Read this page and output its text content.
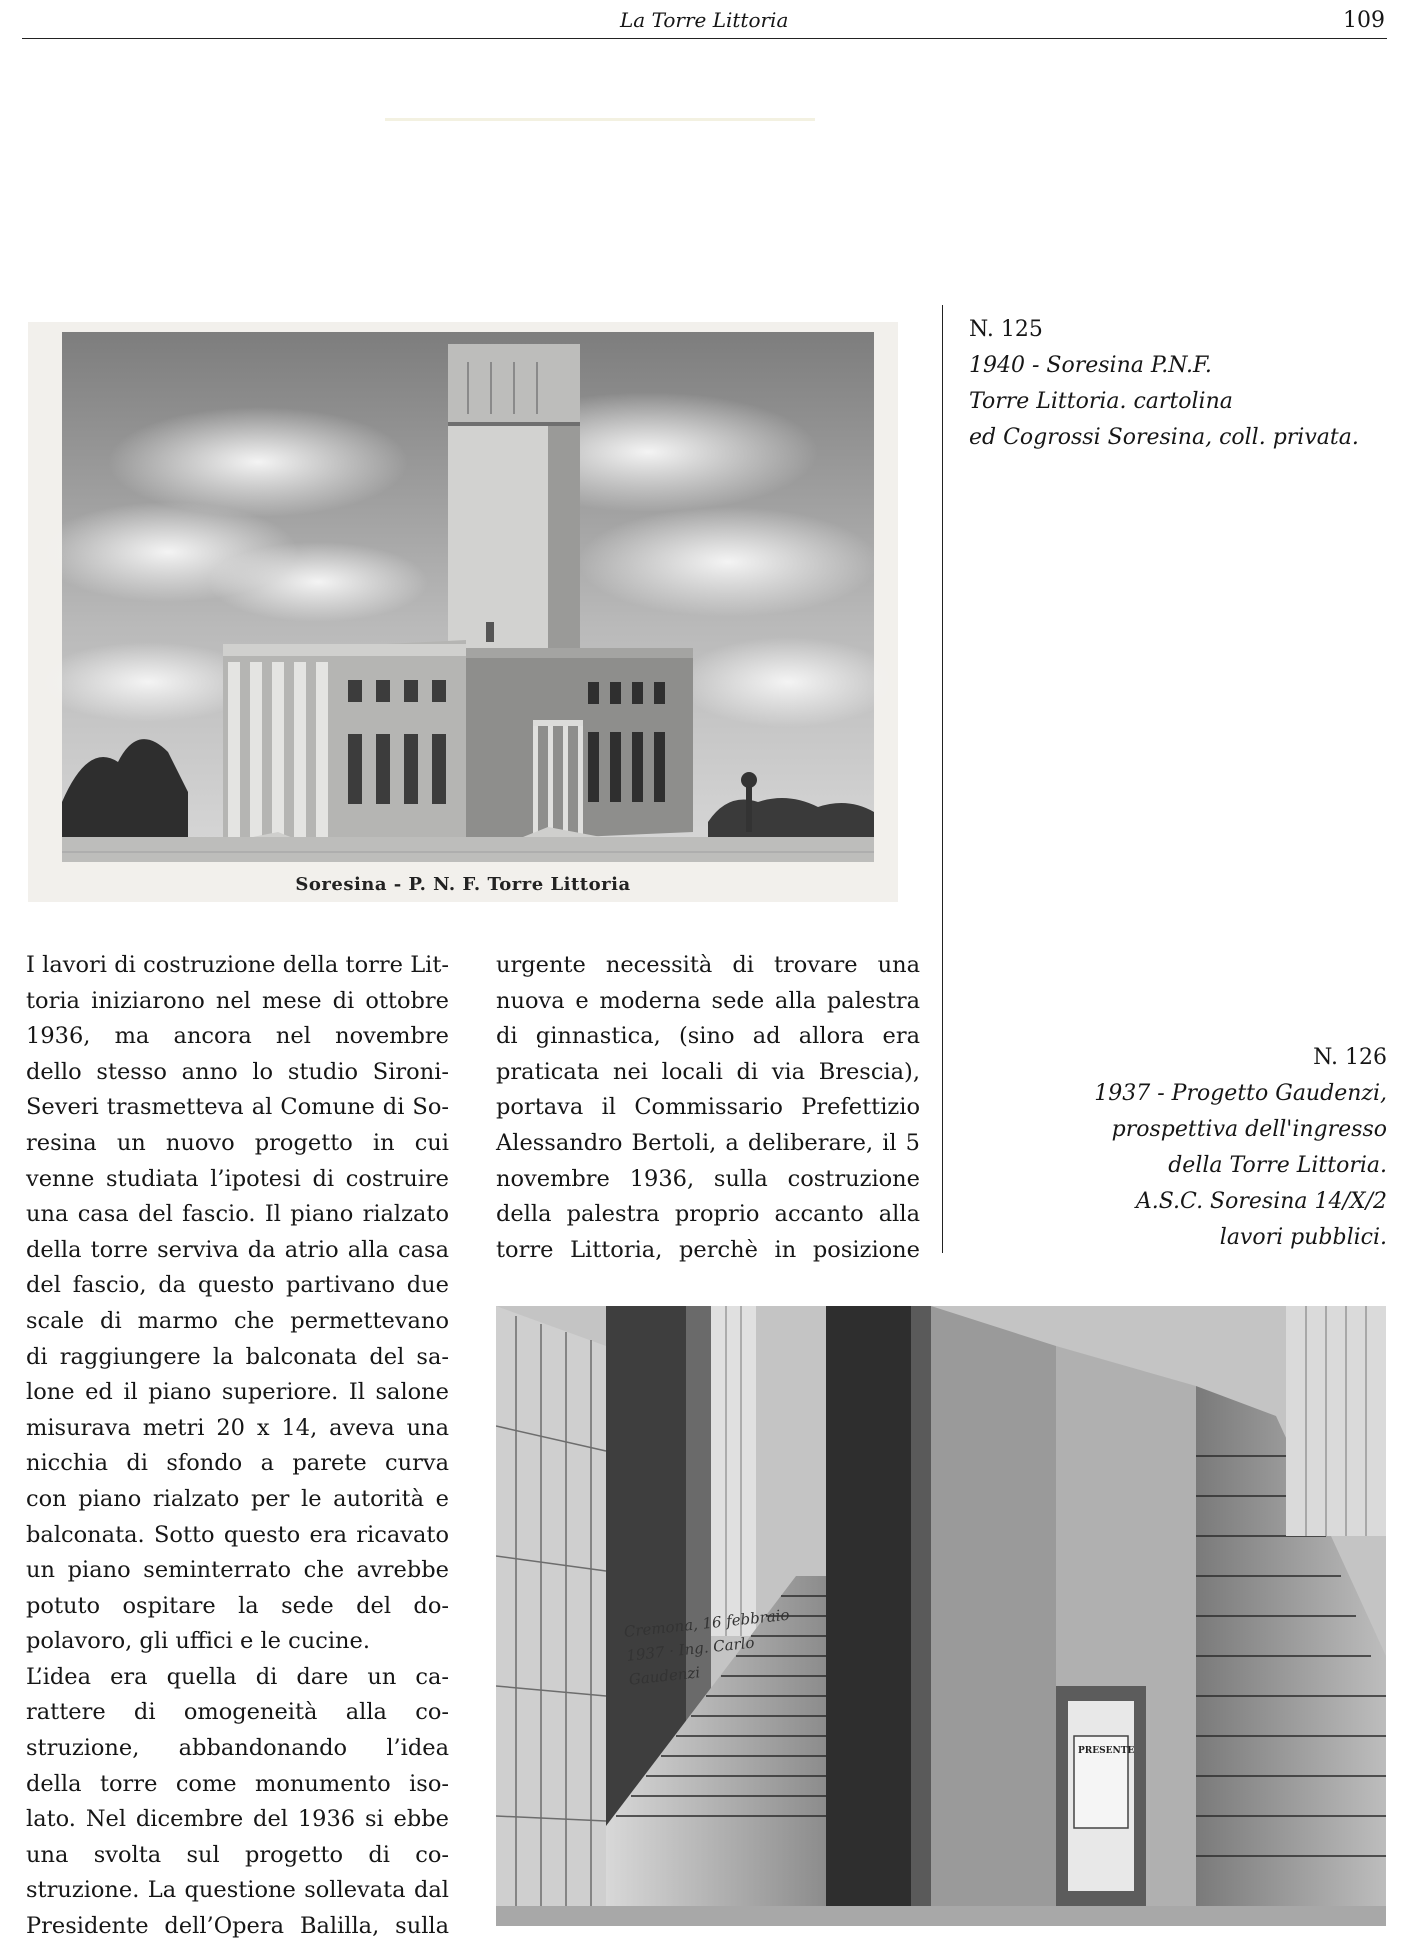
La Torre Littoria	109
Soresina - P. N. F. Torre Littoria
N. 125
1940 - Soresina P.N.F.
Torre Littoria. cartolina
ed Cogrossi Soresina, coll. privata.
N. 126
1937 - Progetto Gaudenzi,
prospettiva dell'ingresso
della Torre Littoria.
A.S.C. Soresina 14/X/2
lavori pubblici.
I lavori di costruzione della torre Lit-
toria iniziarono nel mese di ottobre
1936, ma ancora nel novembre
dello stesso anno lo studio Sironi-
Severi trasmetteva al Comune di So-
resina un nuovo progetto in cui
venne studiata l’ipotesi di costruire
una casa del fascio. Il piano rialzato
della torre serviva da atrio alla casa
del fascio, da questo partivano due
scale di marmo che permettevano
di raggiungere la balconata del sa-
lone ed il piano superiore. Il salone
misurava metri 20 x 14, aveva una
nicchia di sfondo a parete curva
con piano rialzato per le autorità e
balconata. Sotto questo era ricavato
un piano seminterrato che avrebbe
potuto ospitare la sede del do-
polavoro, gli uffici e le cucine.
L’idea era quella di dare un ca-
rattere di omogeneità alla co-
struzione, abbandonando l’idea
della torre come monumento iso-
lato. Nel dicembre del 1936 si ebbe
una svolta sul progetto di co-
struzione. La questione sollevata dal
Presidente dell’Opera Balilla, sulla
urgente necessità di trovare una
nuova e moderna sede alla palestra
di ginnastica, (sino ad allora era
praticata nei locali di via Brescia),
portava il Commissario Prefettizio
Alessandro Bertoli, a deliberare, il 5
novembre 1936, sulla costruzione
della palestra proprio accanto alla
torre Littoria, perchè in posizione
Cremona, 16 febbraio 1937 · Ing. Carlo Gaudenzi
PRESENTE
